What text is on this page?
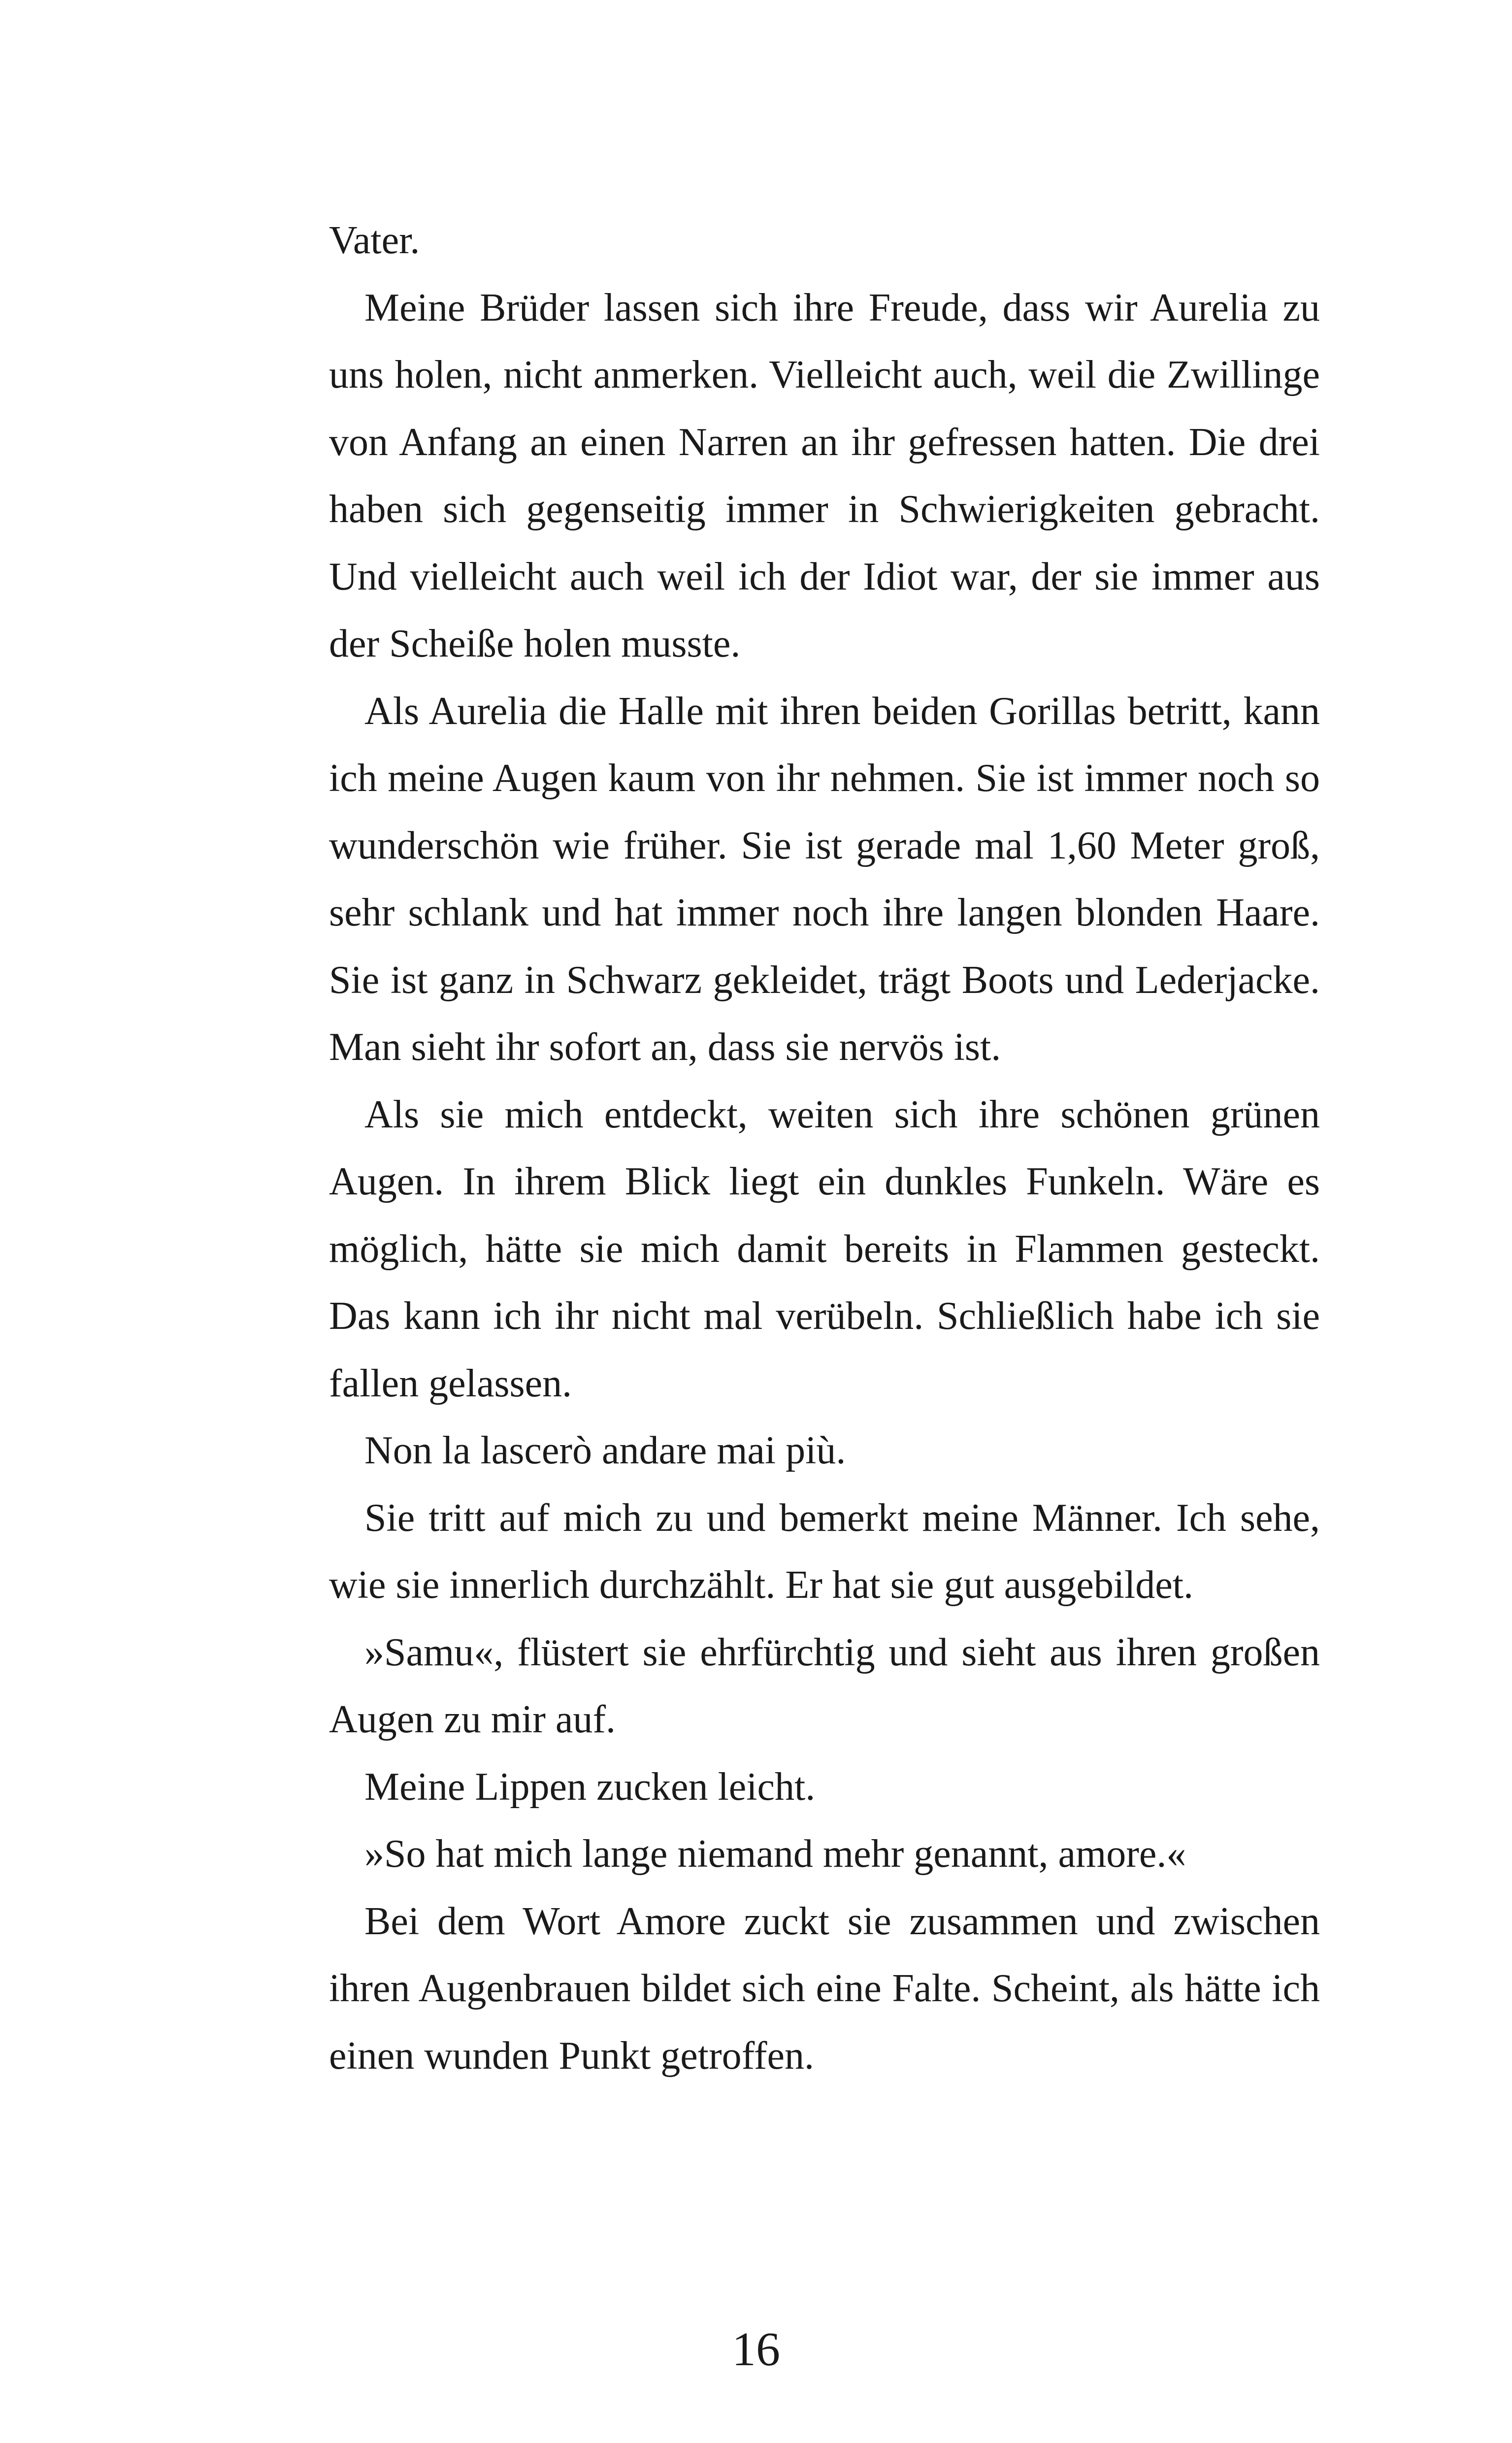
Vater.

Meine Brüder lassen sich ihre Freude, dass wir Aurelia zu uns holen, nicht anmerken. Vielleicht auch, weil die Zwillinge von Anfang an einen Narren an ihr gefressen hatten. Die drei haben sich gegenseitig immer in Schwierigkeiten gebracht. Und vielleicht auch weil ich der Idiot war, der sie immer aus der Scheiße holen musste.

Als Aurelia die Halle mit ihren beiden Gorillas betritt, kann ich meine Augen kaum von ihr nehmen. Sie ist immer noch so wunderschön wie früher. Sie ist gerade mal 1,60 Meter groß, sehr schlank und hat immer noch ihre langen blonden Haare. Sie ist ganz in Schwarz gekleidet, trägt Boots und Lederjacke. Man sieht ihr sofort an, dass sie nervös ist.

Als sie mich entdeckt, weiten sich ihre schönen grünen Augen. In ihrem Blick liegt ein dunkles Funkeln. Wäre es möglich, hätte sie mich damit bereits in Flammen gesteckt. Das kann ich ihr nicht mal verübeln. Schließlich habe ich sie fallen gelassen.

Non la lascerò andare mai più.

Sie tritt auf mich zu und bemerkt meine Männer. Ich sehe, wie sie innerlich durchzählt. Er hat sie gut ausgebildet.

»Samu«, flüstert sie ehrfürchtig und sieht aus ihren großen Augen zu mir auf.

Meine Lippen zucken leicht.

»So hat mich lange niemand mehr genannt, amore.«

Bei dem Wort Amore zuckt sie zusammen und zwischen ihren Augenbrauen bildet sich eine Falte. Scheint, als hätte ich einen wunden Punkt getroffen.

16
